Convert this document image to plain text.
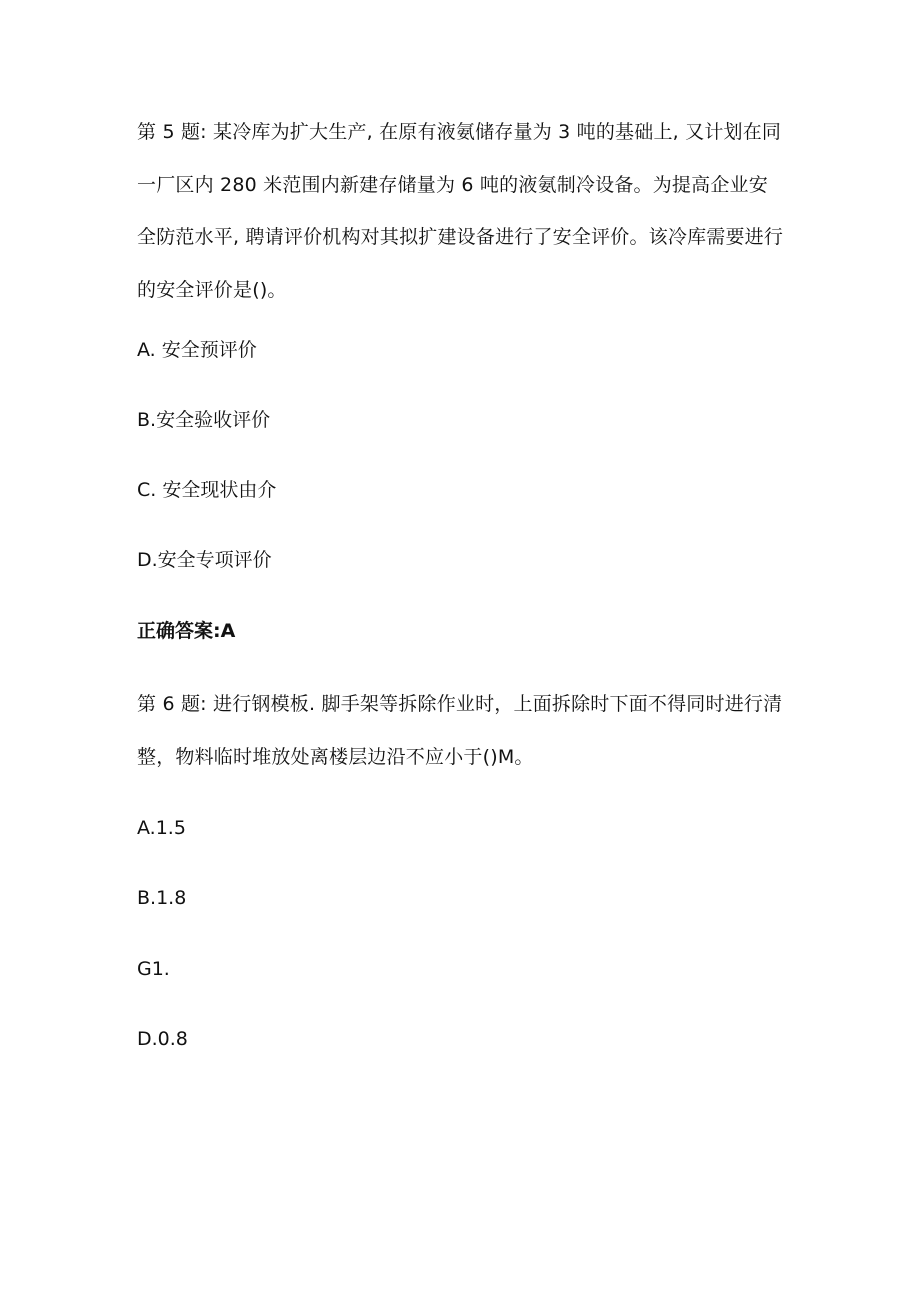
第 5 题: 某冷库为扩大生产, 在原有液氨储存量为 3 吨的基础上, 又计划在同一厂区内 280 米范围内新建存储量为 6 吨的液氨制冷设备。为提高企业安全防范水平, 聘请评价机构对其拟扩建设备进行了安全评价。该冷库需要进行的安全评价是()。

A. 安全预评价

B.安全验收评价

C. 安全现状由介

D.安全专项评价

正确答案:A

第 6 题: 进行钢模板. 脚手架等拆除作业时，上面拆除时下面不得同时进行清整，物料临时堆放处离楼层边沿不应小于()M。

A.1.5

B.1.8

G1.

D.0.8
